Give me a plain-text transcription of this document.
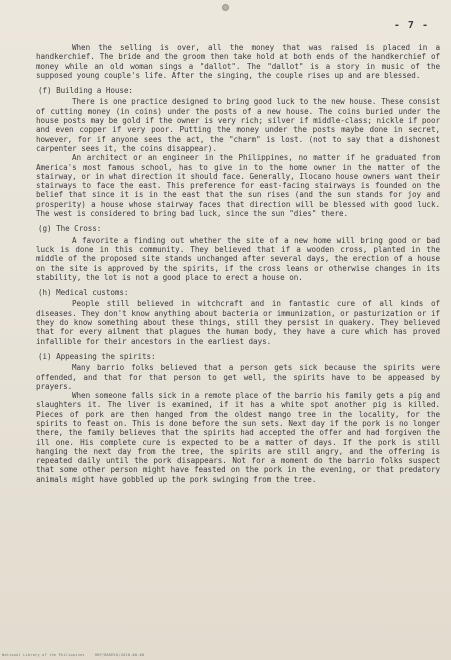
- 7 -

When the selling is over, all the money that was raised is placed in a handkerchief. The bride and the groom then take hold at both ends of the handkerchief of money while an old woman sings a "dallot". The "dallot" is a story in music of the supposed young couple's life. After the singing, the couple rises up and are blessed.

(f) Building a House:

There is one practice designed to bring good luck to the new house. These consist of cutting money (in coins) under the posts of a new house. The coins buried under the house posts may be gold if the owner is very rich; silver if middle-class; nickle if poor and even copper if very poor. Putting the money under the posts maybe done in secret, however, for if anyone sees the act, the "charm" is lost. (not to say that a dishonest carpenter sees it, the coins disappear).

An architect or an engineer in the Philippines, no matter if he graduated from America's most famous school, has to give in to the home owner in the matter of the stairway, or in what direction it should face. Generally, Ilocano house owners want their stairways to face the east. This preference for east-facing stairways is founded on the belief that since it is in the east that the sun rises (and the sun stands for joy and prosperity) a house whose stairway faces that direction will be blessed with good luck. The west is considered to bring bad luck, since the sun "dies" there.

(g) The Cross:

A favorite a finding out whether the site of a new home will bring good or bad luck is done in this community. They believed that if a wooden cross, planted in the middle of the proposed site stands unchanged after several days, the erection of a house on the site is approved by the spirits, if the cross leans or otherwise changes in its stability, the lot is not a good place to erect a house on.

(h) Medical customs:

People still believed in witchcraft and in fantastic cure of all kinds of diseases. They don't know anything about bacteria or immunization, or pasturization or if they do know something about these things, still they persist in quakery. They believed that for every ailment that plagues the human body, they have a cure which has proved infallible for their ancestors in the earliest days.

(i) Appeasing the spirits:

Many barrio folks believed that a person gets sick because the spirits were offended, and that for that person to get well, the spirits have to be appeased by prayers.

When someone falls sick in a remote place of the barrio his family gets a pig and slaughters it. The liver is examined, if it has a white spot another pig is killed. Pieces of pork are then hanged from the oldest mango tree in the locality, for the spirits to feast on. This is done before the sun sets. Next day if the pork is no longer there, the family believes that the spirits had accepted the offer and had forgiven the ill one. His complete cure is expected to be a matter of days. If the pork is still hanging the next day from the tree, the spirits are still angry, and the offering is repeated daily until the pork disappears. Not for a moment do the barrio folks suspect that some other person might have feasted on the pork in the evening, or that predatory animals might have gobbled up the pork swinging from the tree.

National Library of the Philippines	HDP/BARRIO/2018-##-##
